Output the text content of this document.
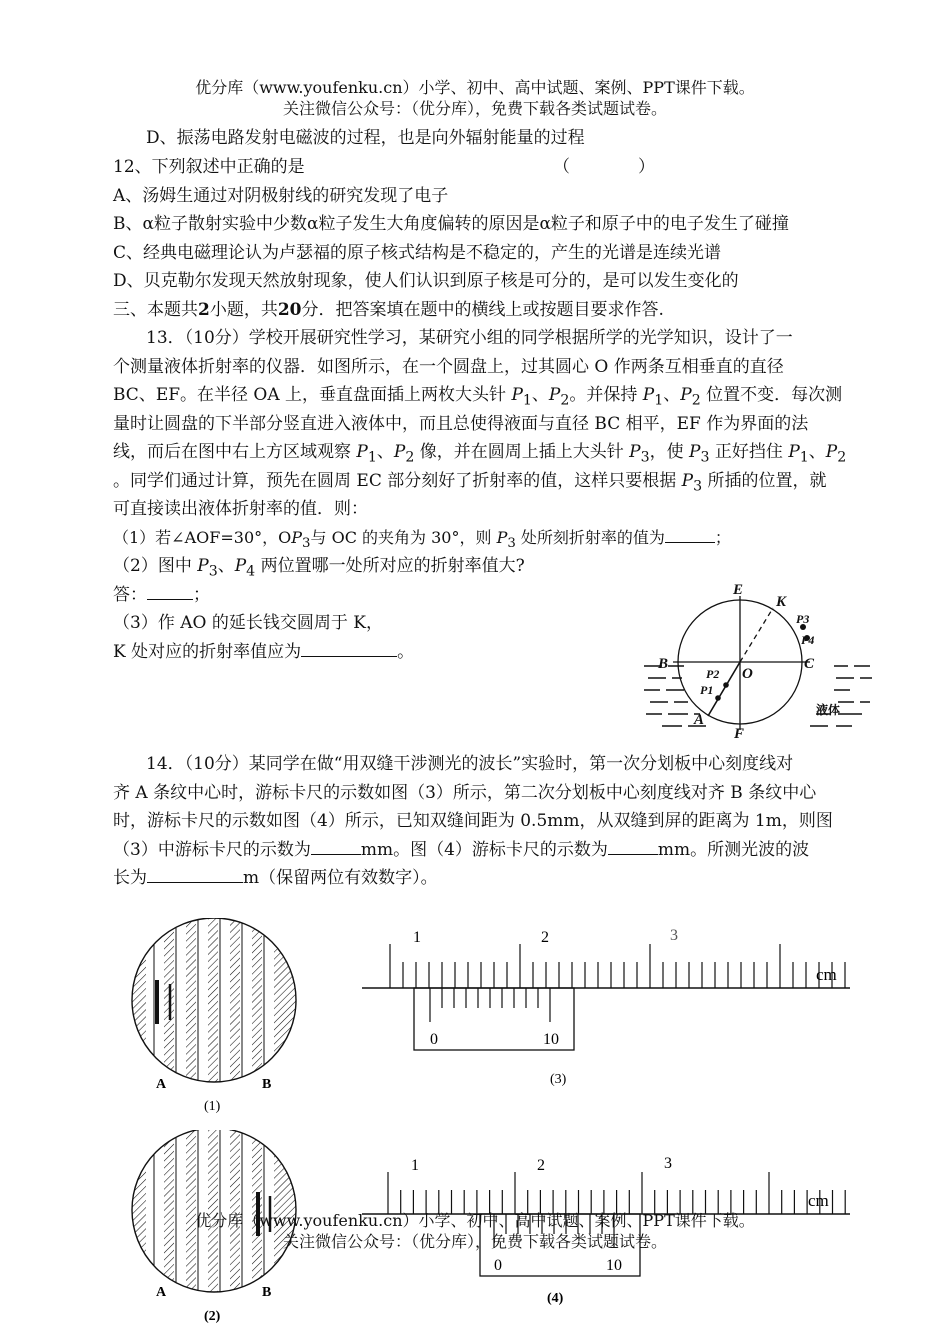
优分库（www.youfenku.cn）小学、初中、高中试题、案例、PPT课件下载。
关注微信公众号：（优分库），免费下载各类试题试卷。
D、振荡电路发射电磁波的过程，也是向外辐射能量的过程
12、下列叙述中正确的是	（　　　　）
A、汤姆生通过对阴极射线的研究发现了电子
B、α粒子散射实验中少数α粒子发生大角度偏转的原因是α粒子和原子中的电子发生了碰撞
C、经典电磁理论认为卢瑟福的原子核式结构是不稳定的，产生的光谱是连续光谱
D、贝克勒尔发现天然放射现象，使人们认识到原子核是可分的，是可以发生变化的
三、本题共2小题，共20分．把答案填在题中的横线上或按题目要求作答.
13．（10分）学校开展研究性学习，某研究小组的同学根据所学的光学知识，设计了一
个测量液体折射率的仪器．如图所示，在一个圆盘上，过其圆心 O 作两条互相垂直的直径
BC、EF。在半径 OA 上，垂直盘面插上两枚大头针 $P_1$、$P_2$。并保持 $P_1$、$P_2$ 位置不变．每次测
量时让圆盘的下半部分竖直进入液体中，而且总使得液面与直径 BC 相平，EF 作为界面的法
线，而后在图中右上方区域观察 $P_1$、$P_2$ 像，并在圆周上插上大头针 $P_3$，使 $P_3$ 正好挡住 $P_1$、$P_2$
。同学们通过计算，预先在圆周 EC 部分刻好了折射率的值，这样只要根据 $P_3$ 所插的位置，就
可直接读出液体折射率的值．则：
（1）若∠AOF=30°，$OP_3$与 OC 的夹角为 30°，则 $P_3$ 处所刻折射率的值为	；
（2）图中 $P_3$、$P_4$ 两位置哪一处所对应的折射率值大?
答：	；
（3）作 AO 的延长钱交圆周于 K，
K 处对应的折射率值应为	。
E
K
P3
P4
C
B
P2 O
P1
A
F
液体
14．（10分）某同学在做“用双缝干涉测光的波长”实验时，第一次分划板中心刻度线对
齐 A 条纹中心时，游标卡尺的示数如图（3）所示，第二次分划板中心刻度线对齐 B 条纹中心
时，游标卡尺的示数如图（4）所示，已知双缝间距为 0.5mm，从双缝到屏的距离为 1m，则图
（3）中游标卡尺的示数为	mm。图（4）游标卡尺的示数为	mm。所测光波的波
长为	m（保留两位有效数字）。
A	B
(1)
A	B
(2)
1	2	3
cm
0	10
(3)
1	2	3
cm
0	10
(4)
优分库（www.youfenku.cn）小学、初中、高中试题、案例、PPT课件下载。
关注微信公众号：（优分库），免费下载各类试题试卷。
